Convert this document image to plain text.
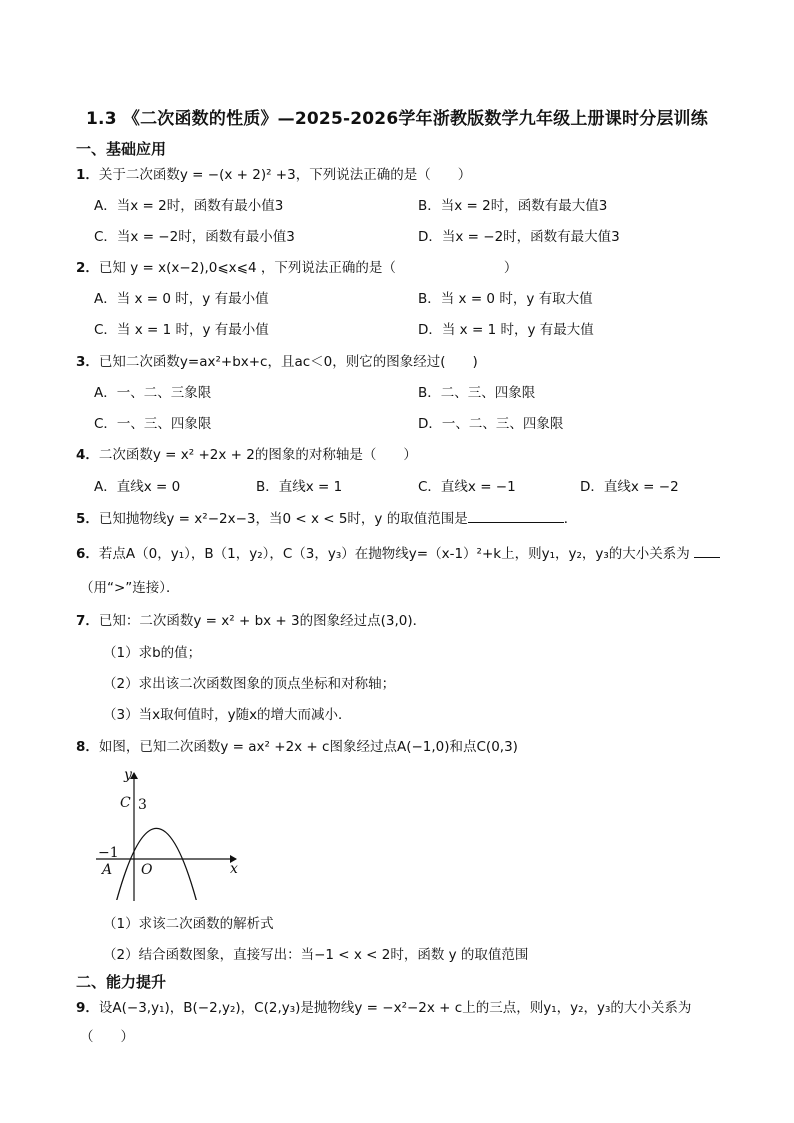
1.3 《二次函数的性质》—2025-2026学年浙教版数学九年级上册课时分层训练
一、基础应用
1．关于二次函数y = −(x + 2)² +3，下列说法正确的是（　　）
A．当x = 2时，函数有最小值3	B．当x = 2时，函数有最大值3
C．当x = −2时，函数有最小值3	D．当x = −2时，函数有最大值3
2．已知 y = x(x−2),0⩽x⩽4 ，下列说法正确的是（　　　　　　　　）
A．当 x = 0 时，y 有最小值	B．当 x = 0 时，y 有取大值
C．当 x = 1 时，y 有最小值	D．当 x = 1 时，y 有最大值
3．已知二次函数y=ax²+bx+c，且ac＜0，则它的图象经过(　　)
A．一、二、三象限	B．二、三、四象限
C．一、三、四象限	D．一、二、三、四象限
4．二次函数y = x² +2x + 2的图象的对称轴是（　　）
A．直线x = 0	B．直线x = 1	C．直线x = −1	D．直线x = −2
5．已知抛物线y = x²−2x−3，当0 < x < 5时，y 的取值范围是	．
6．若点A（0，y₁），B（1，y₂），C（3，y₃）在抛物线y=（x-1）²+k上，则y₁，y₂，y₃的大小关系为
（用“>”连接）．
7．已知：二次函数y = x² + bx + 3的图象经过点(3,0)．
（1）求b的值；
（2）求出该二次函数图象的顶点坐标和对称轴；
（3）当x取何值时，y随x的增大而减小．
8．如图，已知二次函数y = ax² +2x + c图象经过点A(−1,0)和点C(0,3)
y
x
C 3
−1
A O
（1）求该二次函数的解析式
（2）结合函数图象，直接写出：当−1 < x < 2时，函数 y 的取值范围
二、能力提升
9．设A(−3,y₁)，B(−2,y₂)，C(2,y₃)是抛物线y = −x²−2x + c上的三点，则y₁，y₂，y₃的大小关系为
（　　）
